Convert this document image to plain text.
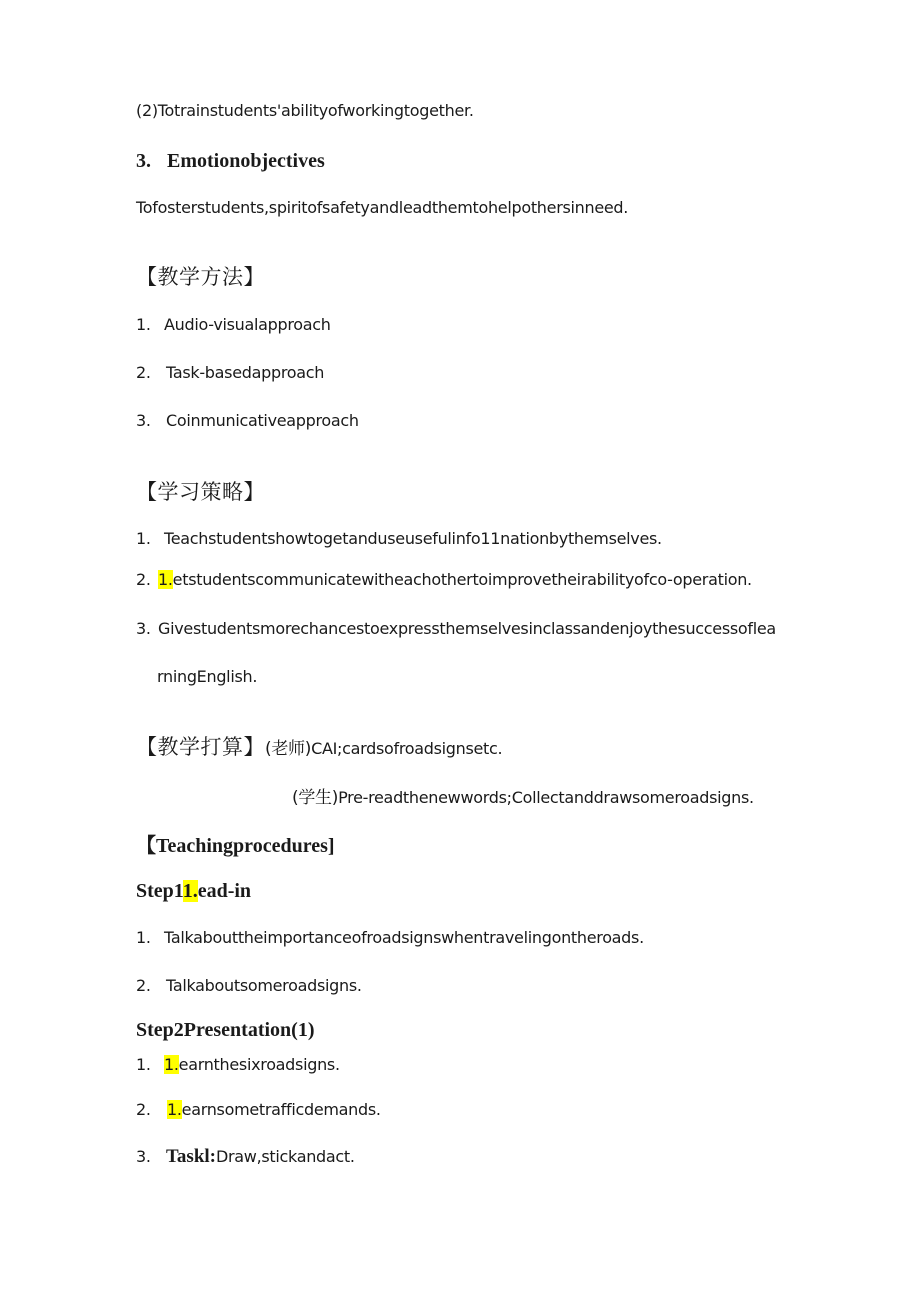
(2)Totrainstudents'abilityofworkingtogether.
3. Emotionobjectives
Tofosterstudents,spiritofsafetyandleadthemtohelpothersinneed.
【教学方法】
1. Audio-visualapproach
2. Task-basedapproach
3. Coinmunicativeapproach
【学习策略】
1. Teachstudentshowtogetanduseusefulinfo11nationbythemselves.
2. 1.etstudentscommunicatewitheachothertoimprovetheirabilityofco-operation.
3. Givestudentsmorechancestoexpressthemselvesinclassandenjoythesuccessoflea
rningEnglish.
【教学打算】(老师)CAI;cardsofroadsignsetc.
(学生)Pre-readthenewwords;Collectanddrawsomeroadsigns.
【Teachingprocedures]
Step11.ead-in
1. Talkabouttheimportanceofroadsignswhentravelingontheroads.
2. Talkaboutsomeroadsigns.
Step2Presentation(1)
1. 1.earnthesixroadsigns.
2. 1.earnsometrafficdemands.
3. Taskl:Draw,stickandact.
